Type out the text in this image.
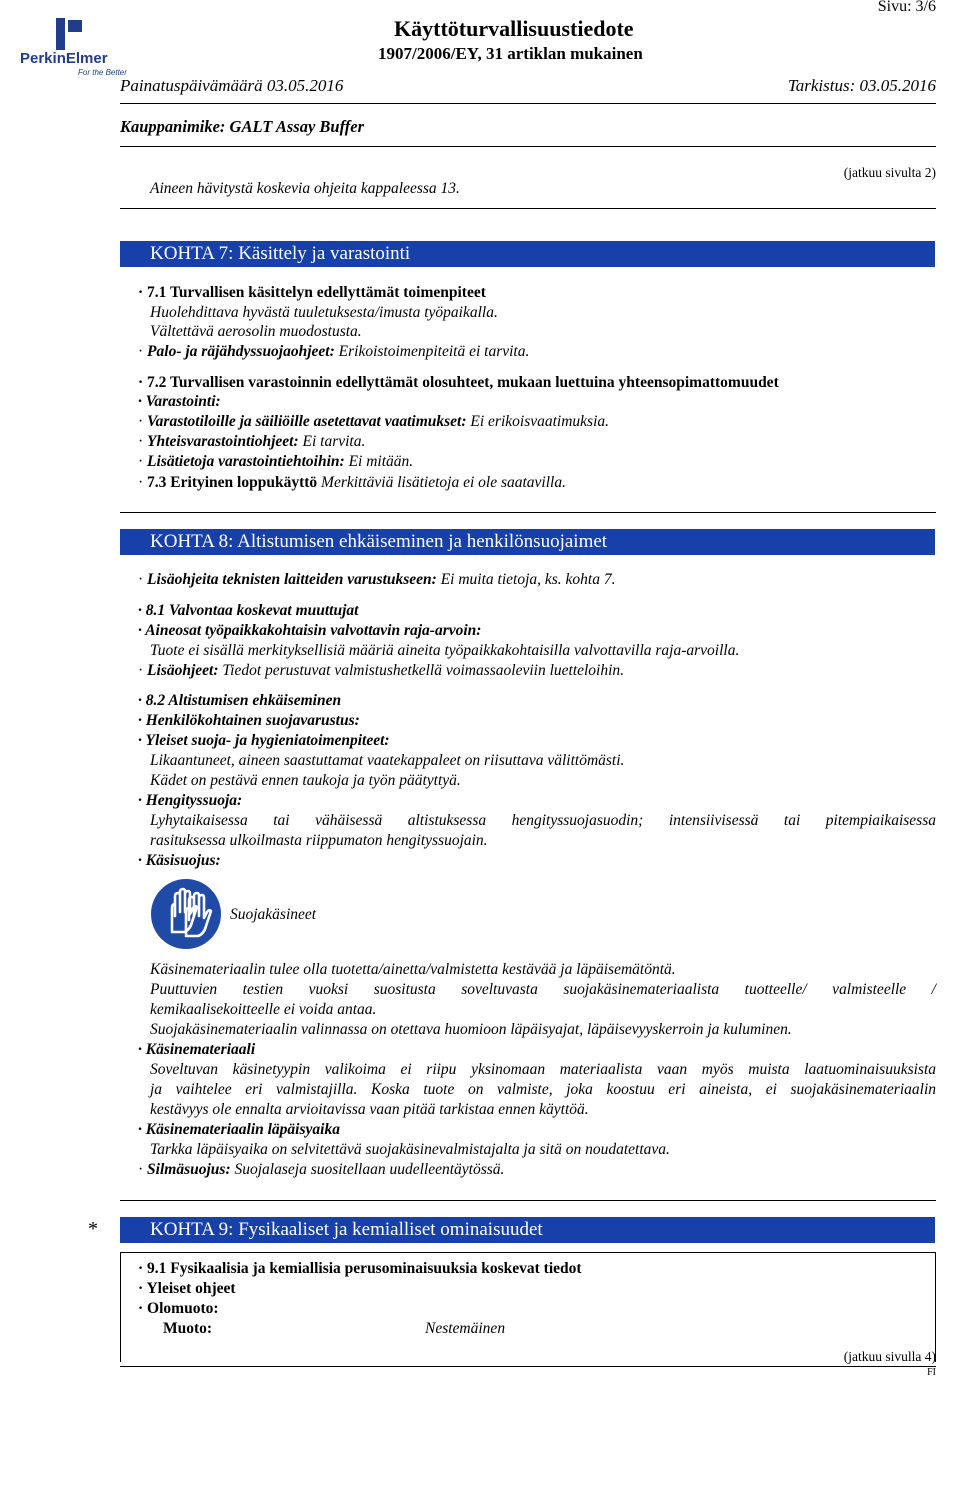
PerkinElmer
For the Better
Sivu: 3/6
Käyttöturvallisuustiedote
1907/2006/EY, 31 artiklan mukainen
Painatuspäivämäärä 03.05.2016	Tarkistus: 03.05.2016
Kauppanimike: GALT Assay Buffer
(jatkuu sivulta 2)
Aineen hävitystä koskevia ohjeita kappaleessa 13.
KOHTA 7: Käsittely ja varastointi
· 7.1 Turvallisen käsittelyn edellyttämät toimenpiteet
Huolehdittava hyvästä tuuletuksesta/imusta työpaikalla.
Vältettävä aerosolin muodostusta.
· Palo- ja räjähdyssuojaohjeet: Erikoistoimenpiteitä ei tarvita.
· 7.2 Turvallisen varastoinnin edellyttämät olosuhteet, mukaan luettuina yhteensopimattomuudet
· Varastointi:
· Varastotiloille ja säiliöille asetettavat vaatimukset: Ei erikoisvaatimuksia.
· Yhteisvarastointiohjeet: Ei tarvita.
· Lisätietoja varastointiehtoihin: Ei mitään.
· 7.3 Erityinen loppukäyttö Merkittäviä lisätietoja ei ole saatavilla.
KOHTA 8: Altistumisen ehkäiseminen ja henkilönsuojaimet
· Lisäohjeita teknisten laitteiden varustukseen: Ei muita tietoja, ks. kohta 7.
· 8.1 Valvontaa koskevat muuttujat
· Aineosat työpaikkakohtaisin valvottavin raja-arvoin:
Tuote ei sisällä merkityksellisiä määriä aineita työpaikkakohtaisilla valvottavilla raja-arvoilla.
· Lisäohjeet: Tiedot perustuvat valmistushetkellä voimassaoleviin luetteloihin.
· 8.2 Altistumisen ehkäiseminen
· Henkilökohtainen suojavarustus:
· Yleiset suoja- ja hygieniatoimenpiteet:
Likaantuneet, aineen saastuttamat vaatekappaleet on riisuttava välittömästi.
Kädet on pestävä ennen taukoja ja työn päätyttyä.
· Hengityssuoja:
Lyhytaikaisessa tai vähäisessä altistuksessa hengityssuojasuodin; intensiivisessä tai pitempiaikaisessa
rasituksessa ulkoilmasta riippumaton hengityssuojain.
· Käsisuojus:
Suojakäsineet
Käsinemateriaalin tulee olla tuotetta/ainetta/valmistetta kestävää ja läpäisemätöntä.
Puuttuvien testien vuoksi suositusta soveltuvasta suojakäsinemateriaalista tuotteelle/ valmisteelle /
kemikaalisekoitteelle ei voida antaa.
Suojakäsinemateriaalin valinnassa on otettava huomioon läpäisyajat, läpäisevyyskerroin ja kuluminen.
· Käsinemateriaali
Soveltuvan käsinetyypin valikoima ei riipu yksinomaan materiaalista vaan myös muista laatuominaisuuksista
ja vaihtelee eri valmistajilla. Koska tuote on valmiste, joka koostuu eri aineista, ei suojakäsinemateriaalin
kestävyys ole ennalta arvioitavissa vaan pitää tarkistaa ennen käyttöä.
· Käsinemateriaalin läpäisyaika
Tarkka läpäisyaika on selvitettävä suojakäsinevalmistajalta ja sitä on noudatettava.
· Silmäsuojus: Suojalaseja suositellaan uudelleentäytössä.
*	KOHTA 9: Fysikaaliset ja kemialliset ominaisuudet
· 9.1 Fysikaalisia ja kemiallisia perusominaisuuksia koskevat tiedot
· Yleiset ohjeet
· Olomuoto:
Muoto:	Nestemäinen
(jatkuu sivulla 4)
FI
